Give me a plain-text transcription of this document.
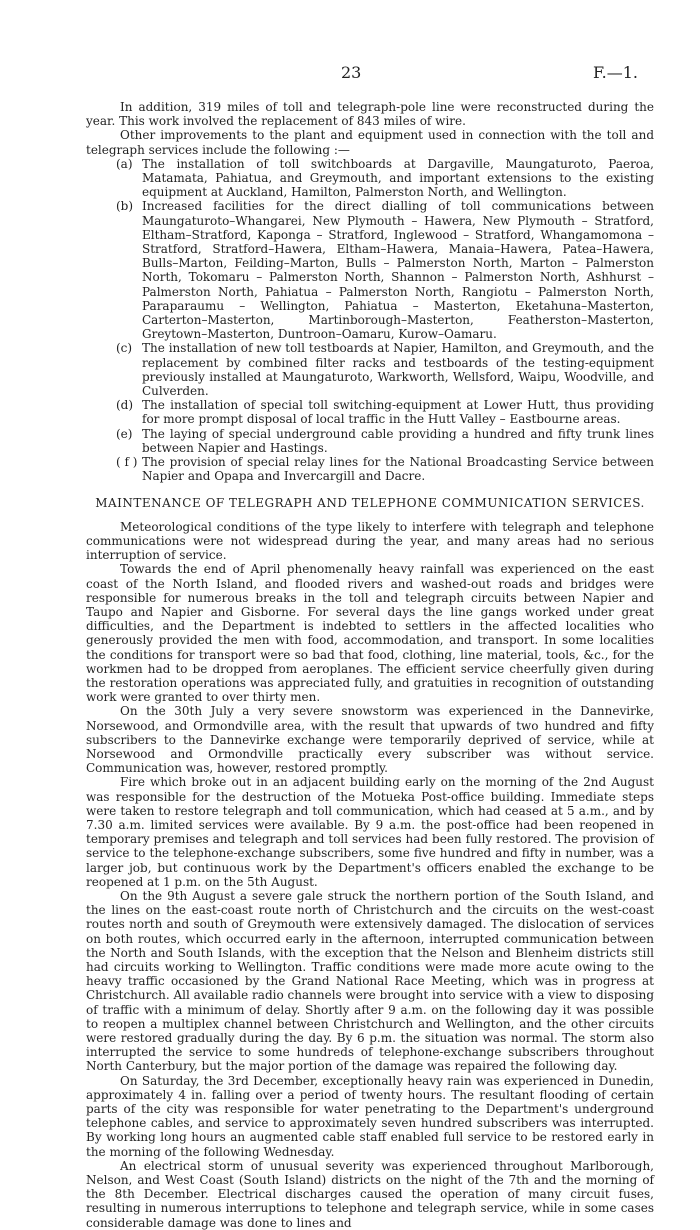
23	F.—1.

In addition, 319 miles of toll and telegraph-pole line were reconstructed during the year. This work involved the replacement of 843 miles of wire.

Other improvements to the plant and equipment used in connection with the toll and telegraph services include the following :—

(a) The installation of toll switchboards at Dargaville, Maungaturoto, Paeroa, Matamata, Pahiatua, and Greymouth, and important extensions to the existing equipment at Auckland, Hamilton, Palmerston North, and Wellington.
(b) Increased facilities for the direct dialling of toll communications between Maungaturoto–Whangarei, New Plymouth – Hawera, New Plymouth – Stratford, Eltham–Stratford, Kaponga – Stratford, Inglewood – Stratford, Whangamomona – Stratford, Stratford–Hawera, Eltham–Hawera, Manaia–Hawera, Patea–Hawera, Bulls–Marton, Feilding–Marton, Bulls – Palmerston North, Marton – Palmerston North, Tokomaru – Palmerston North, Shannon – Palmerston North, Ashhurst – Palmerston North, Pahiatua – Palmerston North, Rangiotu – Palmerston North, Paraparaumu – Wellington, Pahiatua – Masterton, Eketahuna–Masterton, Carterton–Masterton, Martinborough–Masterton, Featherston–Masterton, Greytown–Masterton, Duntroon–Oamaru, Kurow–Oamaru.
(c) The installation of new toll testboards at Napier, Hamilton, and Greymouth, and the replacement by combined filter racks and testboards of the testing-equipment previously installed at Maungaturoto, Warkworth, Wellsford, Waipu, Woodville, and Culverden.
(d) The installation of special toll switching-equipment at Lower Hutt, thus providing for more prompt disposal of local traffic in the Hutt Valley – Eastbourne areas.
(e) The laying of special underground cable providing a hundred and fifty trunk lines between Napier and Hastings.
( f ) The provision of special relay lines for the National Broadcasting Service between Napier and Opapa and Invercargill and Dacre.
MAINTENANCE OF TELEGRAPH AND TELEPHONE COMMUNICATION SERVICES.

Meteorological conditions of the type likely to interfere with telegraph and telephone communications were not widespread during the year, and many areas had no serious interruption of service.

Towards the end of April phenomenally heavy rainfall was experienced on the east coast of the North Island, and flooded rivers and washed-out roads and bridges were responsible for numerous breaks in the toll and telegraph circuits between Napier and Taupo and Napier and Gisborne. For several days the line gangs worked under great difficulties, and the Department is indebted to settlers in the affected localities who generously provided the men with food, accommodation, and transport. In some localities the conditions for transport were so bad that food, clothing, line material, tools, &c., for the workmen had to be dropped from aeroplanes. The efficient service cheerfully given during the restoration operations was appreciated fully, and gratuities in recognition of outstanding work were granted to over thirty men.

On the 30th July a very severe snowstorm was experienced in the Dannevirke, Norsewood, and Ormondville area, with the result that upwards of two hundred and fifty subscribers to the Dannevirke exchange were temporarily deprived of service, while at Norsewood and Ormondville practically every subscriber was without service. Communication was, however, restored promptly.

Fire which broke out in an adjacent building early on the morning of the 2nd August was responsible for the destruction of the Motueka Post-office building. Immediate steps were taken to restore telegraph and toll communication, which had ceased at 5 a.m., and by 7.30 a.m. limited services were available. By 9 a.m. the post-office had been reopened in temporary premises and telegraph and toll services had been fully restored. The provision of service to the telephone-exchange subscribers, some five hundred and fifty in number, was a larger job, but continuous work by the Department's officers enabled the exchange to be reopened at 1 p.m. on the 5th August.

On the 9th August a severe gale struck the northern portion of the South Island, and the lines on the east-coast route north of Christchurch and the circuits on the west-coast routes north and south of Greymouth were extensively damaged. The dislocation of services on both routes, which occurred early in the afternoon, interrupted communication between the North and South Islands, with the exception that the Nelson and Blenheim districts still had circuits working to Wellington. Traffic conditions were made more acute owing to the heavy traffic occasioned by the Grand National Race Meeting, which was in progress at Christchurch. All available radio channels were brought into service with a view to disposing of traffic with a minimum of delay. Shortly after 9 a.m. on the following day it was possible to reopen a multiplex channel between Christchurch and Wellington, and the other circuits were restored gradually during the day. By 6 p.m. the situation was normal. The storm also interrupted the service to some hundreds of telephone-exchange subscribers throughout North Canterbury, but the major portion of the damage was repaired the following day.

On Saturday, the 3rd December, exceptionally heavy rain was experienced in Dunedin, approximately 4 in. falling over a period of twenty hours. The resultant flooding of certain parts of the city was responsible for water penetrating to the Department's underground telephone cables, and service to approximately seven hundred subscribers was interrupted. By working long hours an augmented cable staff enabled full service to be restored early in the morning of the following Wednesday.

An electrical storm of unusual severity was experienced throughout Marlborough, Nelson, and West Coast (South Island) districts on the night of the 7th and the morning of the 8th December. Electrical discharges caused the operation of many circuit fuses, resulting in numerous interruptions to telephone and telegraph service, while in some cases considerable damage was done to lines and
